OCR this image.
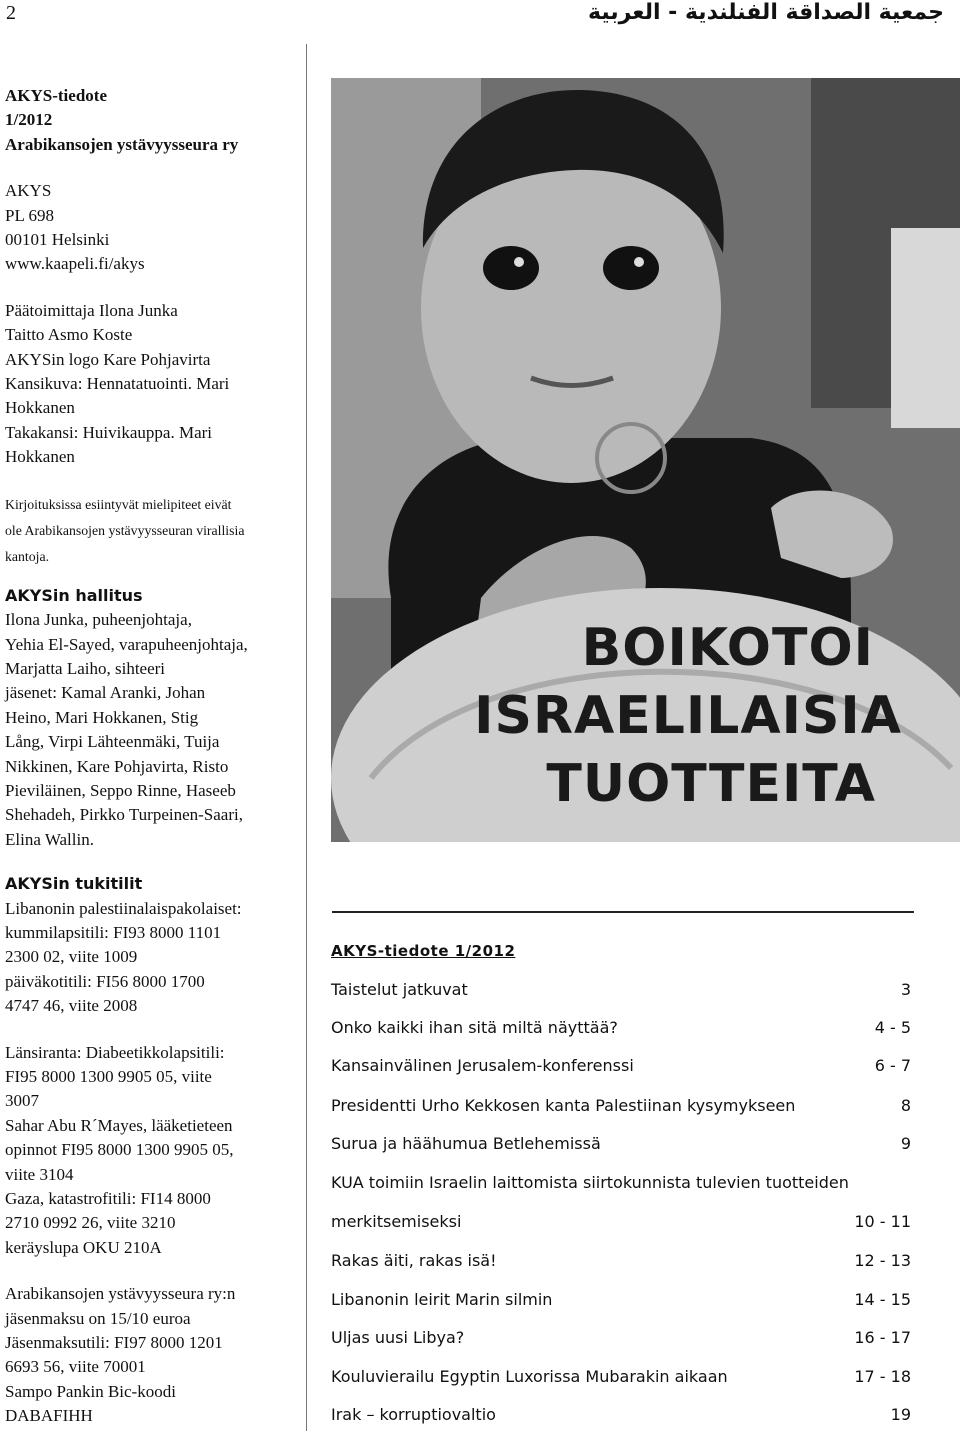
2	جمعية الصداقة الفنلندية - العربية
AKYS-tiedote
1/2012
Arabikansojen ystävyysseura ry
AKYS
PL 698
00101 Helsinki
www.kaapeli.fi/akys
Päätoimittaja Ilona Junka
Taitto Asmo Koste
AKYSin logo Kare Pohjavirta
Kansikuva: Hennatatuointi. Mari
Hokkanen
Takakansi: Huivikauppa. Mari
Hokkanen
Kirjoituksissa esiintyvät mielipiteet eivät
ole Arabikansojen ystävyysseuran virallisia
kantoja.
AKYSin hallitus
Ilona Junka, puheenjohtaja,
Yehia El-Sayed, varapuheenjohtaja,
Marjatta Laiho, sihteeri
jäsenet: Kamal Aranki, Johan
Heino, Mari Hokkanen, Stig
Lång, Virpi Lähteenmäki, Tuija
Nikkinen, Kare Pohjavirta, Risto
Pieviläinen, Seppo Rinne, Haseeb
Shehadeh, Pirkko Turpeinen-Saari,
Elina Wallin.
AKYSin tukitilit
Libanonin palestiinalaispakolaiset:
kummilapsitili: FI93 8000 1101
2300 02, viite 1009
päiväkotitili: FI56 8000 1700
4747 46, viite 2008
Länsiranta: Diabeetikkolapsitili:
FI95 8000 1300 9905 05, viite
3007
Sahar Abu R´Mayes, lääketieteen
opinnot FI95 8000 1300 9905 05,
viite 3104
Gaza, katastrofitili: FI14 8000
2710 0992 26, viite 3210
keräyslupa OKU 210A
Arabikansojen ystävyysseura ry:n
jäsenmaksu on 15/10 euroa
Jäsenmaksutili: FI97 8000 1201
6693 56, viite 70001
Sampo Pankin Bic-koodi
DABAFIHH
BOIKOTOI
ISRAELILAISIA
TUOTTEITA
AKYS-tiedote 1/2012
Taistelut jatkuvat	3
Onko kaikki ihan sitä miltä näyttää?	4 - 5
Kansainvälinen Jerusalem-konferenssi	6 - 7
Presidentti Urho Kekkosen kanta Palestiinan kysymykseen	8
Surua ja häähumua Betlehemissä	9
KUA toimiin Israelin laittomista siirtokunnista tulevien tuotteiden
merkitsemiseksi	10 - 11
Rakas äiti, rakas isä!	12 - 13
Libanonin leirit Marin silmin	14 - 15
Uljas uusi Libya?	16 - 17
Kouluvierailu Egyptin Luxorissa Mubarakin aikaan	17 - 18
Irak – korruptiovaltio	19
